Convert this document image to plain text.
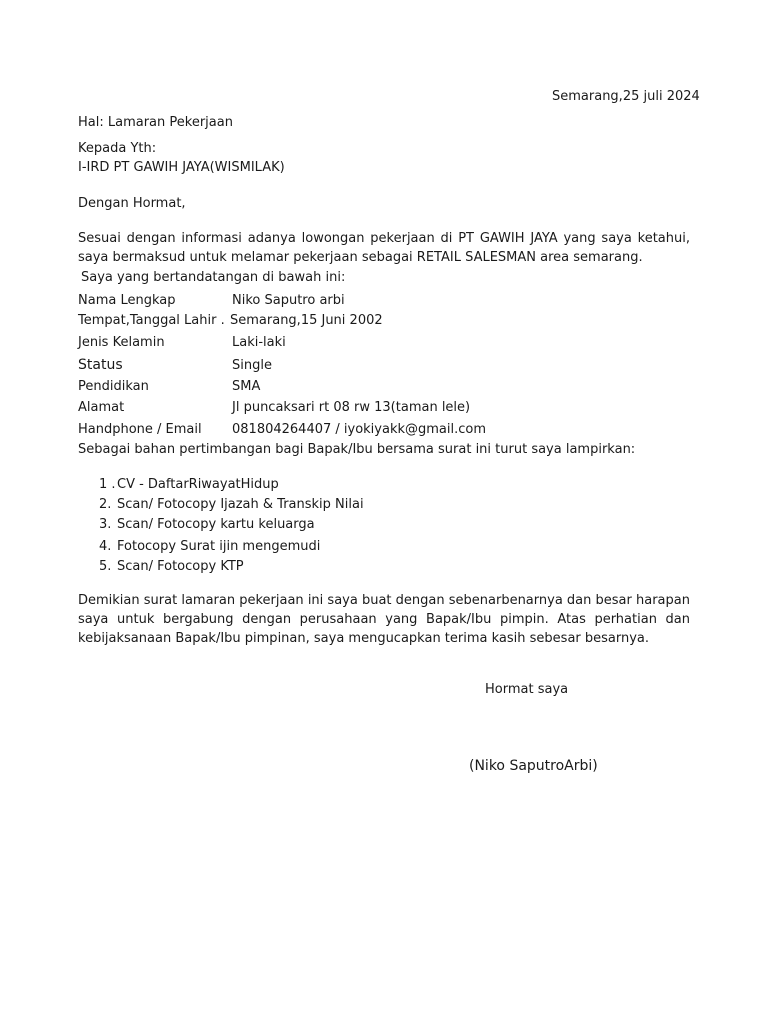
Semarang,25 juli 2024
Hal: Lamaran Pekerjaan
Kepada Yth:
I-IRD PT GAWIH JAYA(WISMILAK)
Dengan Hormat,
Sesuai dengan informasi adanya lowongan pekerjaan di PT GAWIH JAYA yang saya ketahui, saya bermaksud untuk melamar pekerjaan sebagai RETAIL SALESMAN area semarang.
Saya yang bertandatangan di bawah ini:
Nama Lengkap	Niko Saputro arbi
Tempat,Tanggal Lahir . Semarang,15 Juni 2002
Jenis Kelamin	Laki-laki
Status	Single
Pendidikan	SMA
Alamat	Jl puncaksari rt 08 rw 13(taman lele)
Handphone / Email 081804264407 / iyokiyakk@gmail.com
Sebagai bahan pertimbangan bagi Bapak/Ibu bersama surat ini turut saya lampirkan:
1 . CV - DaftarRiwayatHidup
2. Scan/ Fotocopy Ijazah & Transkip Nilai
3. Scan/ Fotocopy kartu keluarga
4. Fotocopy Surat ijin mengemudi
5. Scan/ Fotocopy KTP
Demikian surat lamaran pekerjaan ini saya buat dengan sebenarbenarnya dan besar harapan saya untuk bergabung dengan perusahaan yang Bapak/Ibu pimpin. Atas perhatian dan kebijaksanaan Bapak/Ibu pimpinan, saya mengucapkan terima kasih sebesar besarnya.
Hormat saya
(Niko SaputroArbi)
